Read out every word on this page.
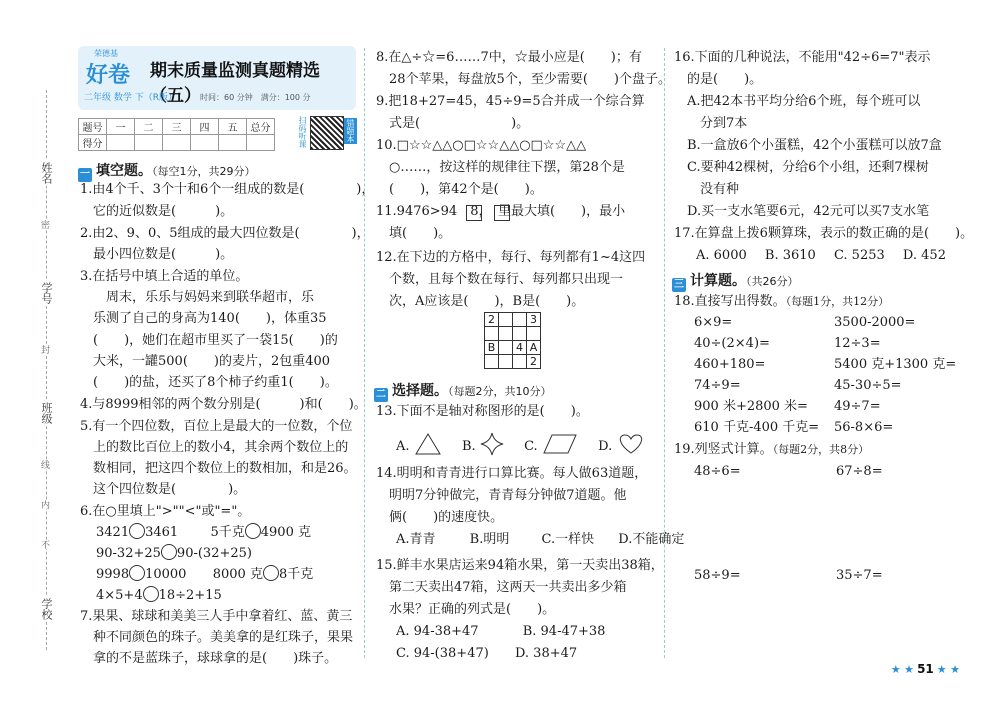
姓名
密
学号
封
班级
线
内
不
学校
荣德基
好卷 期末质量监测真题精选（五）
二年级 数学 下（R版）	时间：60 分钟　满分：100 分
题号	一	二	三	四	五	总分
得分							扫码听课	错题本
一 填空题。（每空1分，共29分）
1.由4个千、3个十和6个一组成的数是(　　　　)，
　它的近似数是(　　　)。
2.由2、9、0、5组成的最大四位数是(　　　　)，
　最小四位数是(　　　)。
3.在括号中填上合适的单位。
　　周末，乐乐与妈妈来到联华超市，乐
　乐测了自己的身高为140(　　)，体重35
　(　　)，她们在超市里买了一袋15(　　)的
　大米，一罐500(　　)的麦片，2包重400
　(　　)的盐，还买了8个柿子约重1(　　)。
4.与8999相邻的两个数分别是(　　　)和(　　)。
5.有一个四位数，百位上是最大的一位数，个位
　上的数比百位上的数小4，其余两个数位上的
　数相同，把这四个数位上的数相加，和是26。
　这个四位数是(　　　　)。
6.在○里填上">""<"或"="。
3421 3461 5千克 4900 克
90-32+25 90-(32+25)
9998 10000 8000 克 8千克
4×5+4 18÷2+15
7.果果、球球和美美三人手中拿着红、蓝、黄三
　种不同颜色的珠子。美美拿的是红珠子，果果
　拿的不是蓝珠子，球球拿的是(　　)珠子。
8.在△÷☆=6……7中，☆最小应是(　　)；有
　28个苹果，每盘放5个，至少需要(　　)个盘子。
9.把18+27=45，45÷9=5合并成一个综合算
　式是(　　　　　　　)。
10.□☆☆△△○□☆☆△△○□☆☆△△
　○……，按这样的规律往下摆，第28个是
　(　　)，第42个是(　　)。
11.9476>94　8，　里最大填(　　)，最小
　填(　　)。
12.在下边的方格中，每行、每列都有1~4这四
　个数，且每个数在每行、每列都只出现一
　次，A应该是(　　)，B是(　　)。
2			3

B		4	A
			2
二 选择题。（每题2分，共10分）
13.下面不是轴对称图形的是(　　)。
A.	B.	C.	D.
14.明明和青青进行口算比赛。每人做63道题，
　明明7分钟做完，青青每分钟做7道题。他
　俩(　　)的速度快。
A.青青	B.明明 C.一样快 D.不能确定
15.鲜丰水果店运来94箱水果，第一天卖出38箱，
　第二天卖出47箱，这两天一共卖出多少箱
　水果？正确的列式是(　　)。
A. 94-38+47	B. 94-47+38
C. 94-(38+47) D. 38+47
16.下面的几种说法，不能用"42÷6=7"表示
　的是(　　)。
　A.把42本书平均分给6个班，每个班可以
　　分到7本
　B.一盒放6个小蛋糕，42个小蛋糕可以放7盒
　C.要种42棵树，分给6个小组，还剩7棵树
　　没有种
　D.买一支水笔要6元，42元可以买7支水笔
17.在算盘上拨6颗算珠，表示的数正确的是(　　)。
A. 6000 B. 3610 C. 5253 D. 452
三 计算题。（共26分）
18.直接写出得数。（每题1分，共12分）
6×9=	3500-2000=
40÷(2×4)=	12÷3=
460+180=	5400 克+1300 克=
74÷9=	45-30÷5=
900 米+2800 米= 49÷7=
610 千克-400 千克= 56-8×6=
19.列竖式计算。（每题2分，共8分）
48÷6=	67÷8=
58÷9=	35÷7=
★ ★ 51 ★ ★
